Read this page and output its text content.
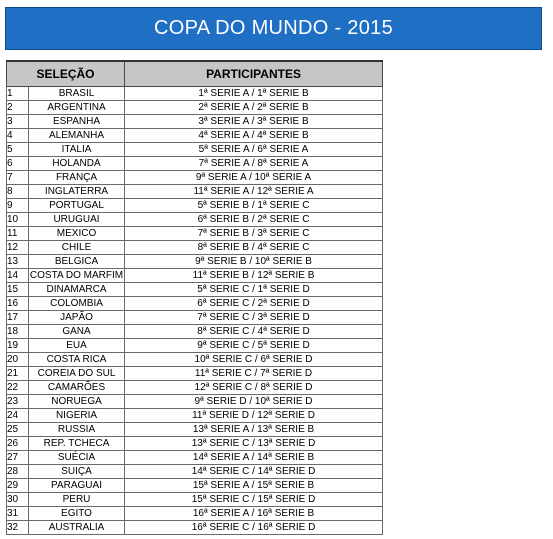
COPA DO MUNDO - 2015
SELEÇÃO		PARTICIPANTES
1	BRASIL	1ª SERIE A / 1ª SERIE B
2	ARGENTINA	2ª SERIE A / 2ª SERIE B
3	ESPANHA	3ª SERIE A / 3ª SERIE B
4	ALEMANHA	4ª SERIE A / 4ª SERIE B
5	ITALIA	5ª SERIE A / 6ª SERIE A
6	HOLANDA	7ª SERIE A / 8ª SERIE A
7	FRANÇA	9ª SERIE A / 10ª SERIE A
8	INGLATERRA	11ª SERIE A / 12ª SERIE A
9	PORTUGAL	5ª SERIE B / 1ª SERIE C
10	URUGUAI	6ª SERIE B / 2ª SERIE C
11	MEXICO	7ª SERIE B / 3ª SERIE C
12	CHILE	8ª SERIE B / 4ª SERIE C
13	BELGICA	9ª SERIE B / 10ª SERIE B
14	COSTA DO MARFIM	11ª SERIE B / 12ª SERIE B
15	DINAMARCA	5ª SERIE C / 1ª SERIE D
16	COLOMBIA	6ª SERIE C / 2ª SERIE D
17	JAPÃO	7ª SERIE C / 3ª SERIE D
18	GANA	8ª SERIE C / 4ª SERIE D
19	EUA	9ª SERIE C / 5ª SERIE D
20	COSTA RICA	10ª SERIE C / 6ª SERIE D
21	COREIA DO SUL	11ª SERIE C / 7ª SERIE D
22	CAMARÕES	12ª SERIE C / 8ª SERIE D
23	NORUEGA	9ª SERIE D / 10ª SERIE D
24	NIGERIA	11ª SERIE D / 12ª SERIE D
25	RUSSIA	13ª SERIE A / 13ª SERIE B
26	REP. TCHECA	13ª SERIE C / 13ª SERIE D
27	SUÉCIA	14ª SERIE A / 14ª SERIE B
28	SUIÇA	14ª SERIE C / 14ª SERIE D
29	PARAGUAI	15ª SERIE A / 15ª SERIE B
30	PERU	15ª SERIE C / 15ª SERIE D
31	EGITO	16ª SERIE A / 16ª SERIE B
32	AUSTRALIA	16ª SERIE C / 16ª SERIE D
